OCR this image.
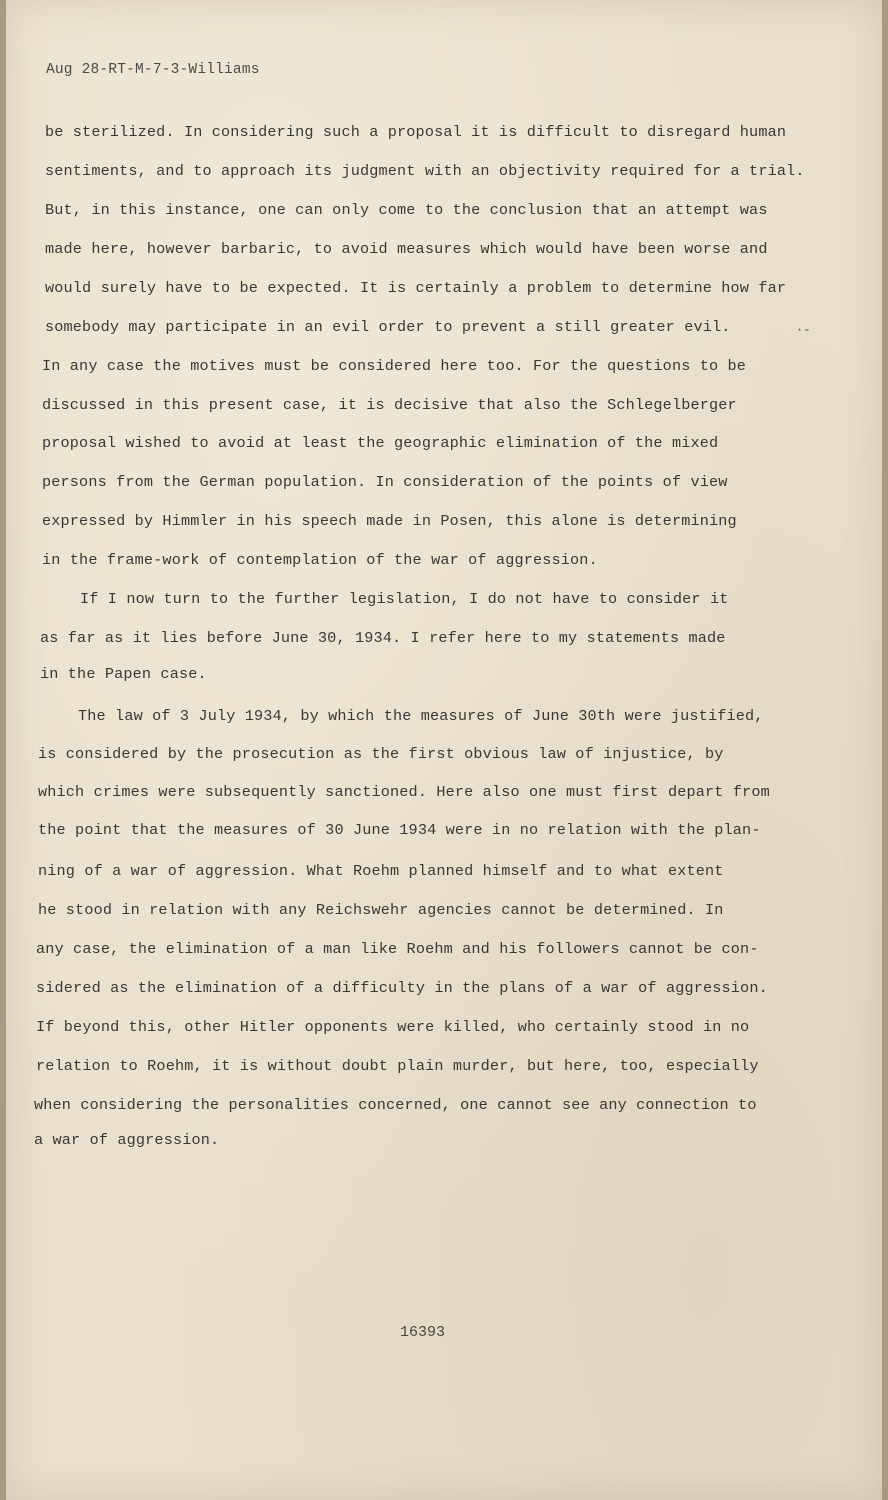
Aug 28-RT-M-7-3-Williams
be sterilized. In considering such a proposal it is difficult to disregard human
sentiments, and to approach its judgment with an objectivity required for a trial.
But, in this instance, one can only come to the conclusion that an attempt was
made here, however barbaric, to avoid measures which would have been worse and
would surely have to be expected. It is certainly a problem to determine how far
somebody may participate in an evil order to prevent a still greater evil.	·-
In any case the motives must be considered here too. For the questions to be
discussed in this present case, it is decisive that also the Schlegelberger
proposal wished to avoid at least the geographic elimination of the mixed
persons from the German population. In consideration of the points of view
expressed by Himmler in his speech made in Posen, this alone is determining
in the frame-work of contemplation of the war of aggression.
If I now turn to the further legislation, I do not have to consider it
as far as it lies before June 30, 1934. I refer here to my statements made
in the Papen case.
The law of 3 July 1934, by which the measures of June 30th were justified,
is considered by the prosecution as the first obvious law of injustice, by
which crimes were subsequently sanctioned. Here also one must first depart from
the point that the measures of 30 June 1934 were in no relation with the plan-
ning of a war of aggression. What Roehm planned himself and to what extent
he stood in relation with any Reichswehr agencies cannot be determined. In
any case, the elimination of a man like Roehm and his followers cannot be con-
sidered as the elimination of a difficulty in the plans of a war of aggression.
If beyond this, other Hitler opponents were killed, who certainly stood in no
relation to Roehm, it is without doubt plain murder, but here, too, especially
when considering the personalities concerned, one cannot see any connection to
a war of aggression.
16393
